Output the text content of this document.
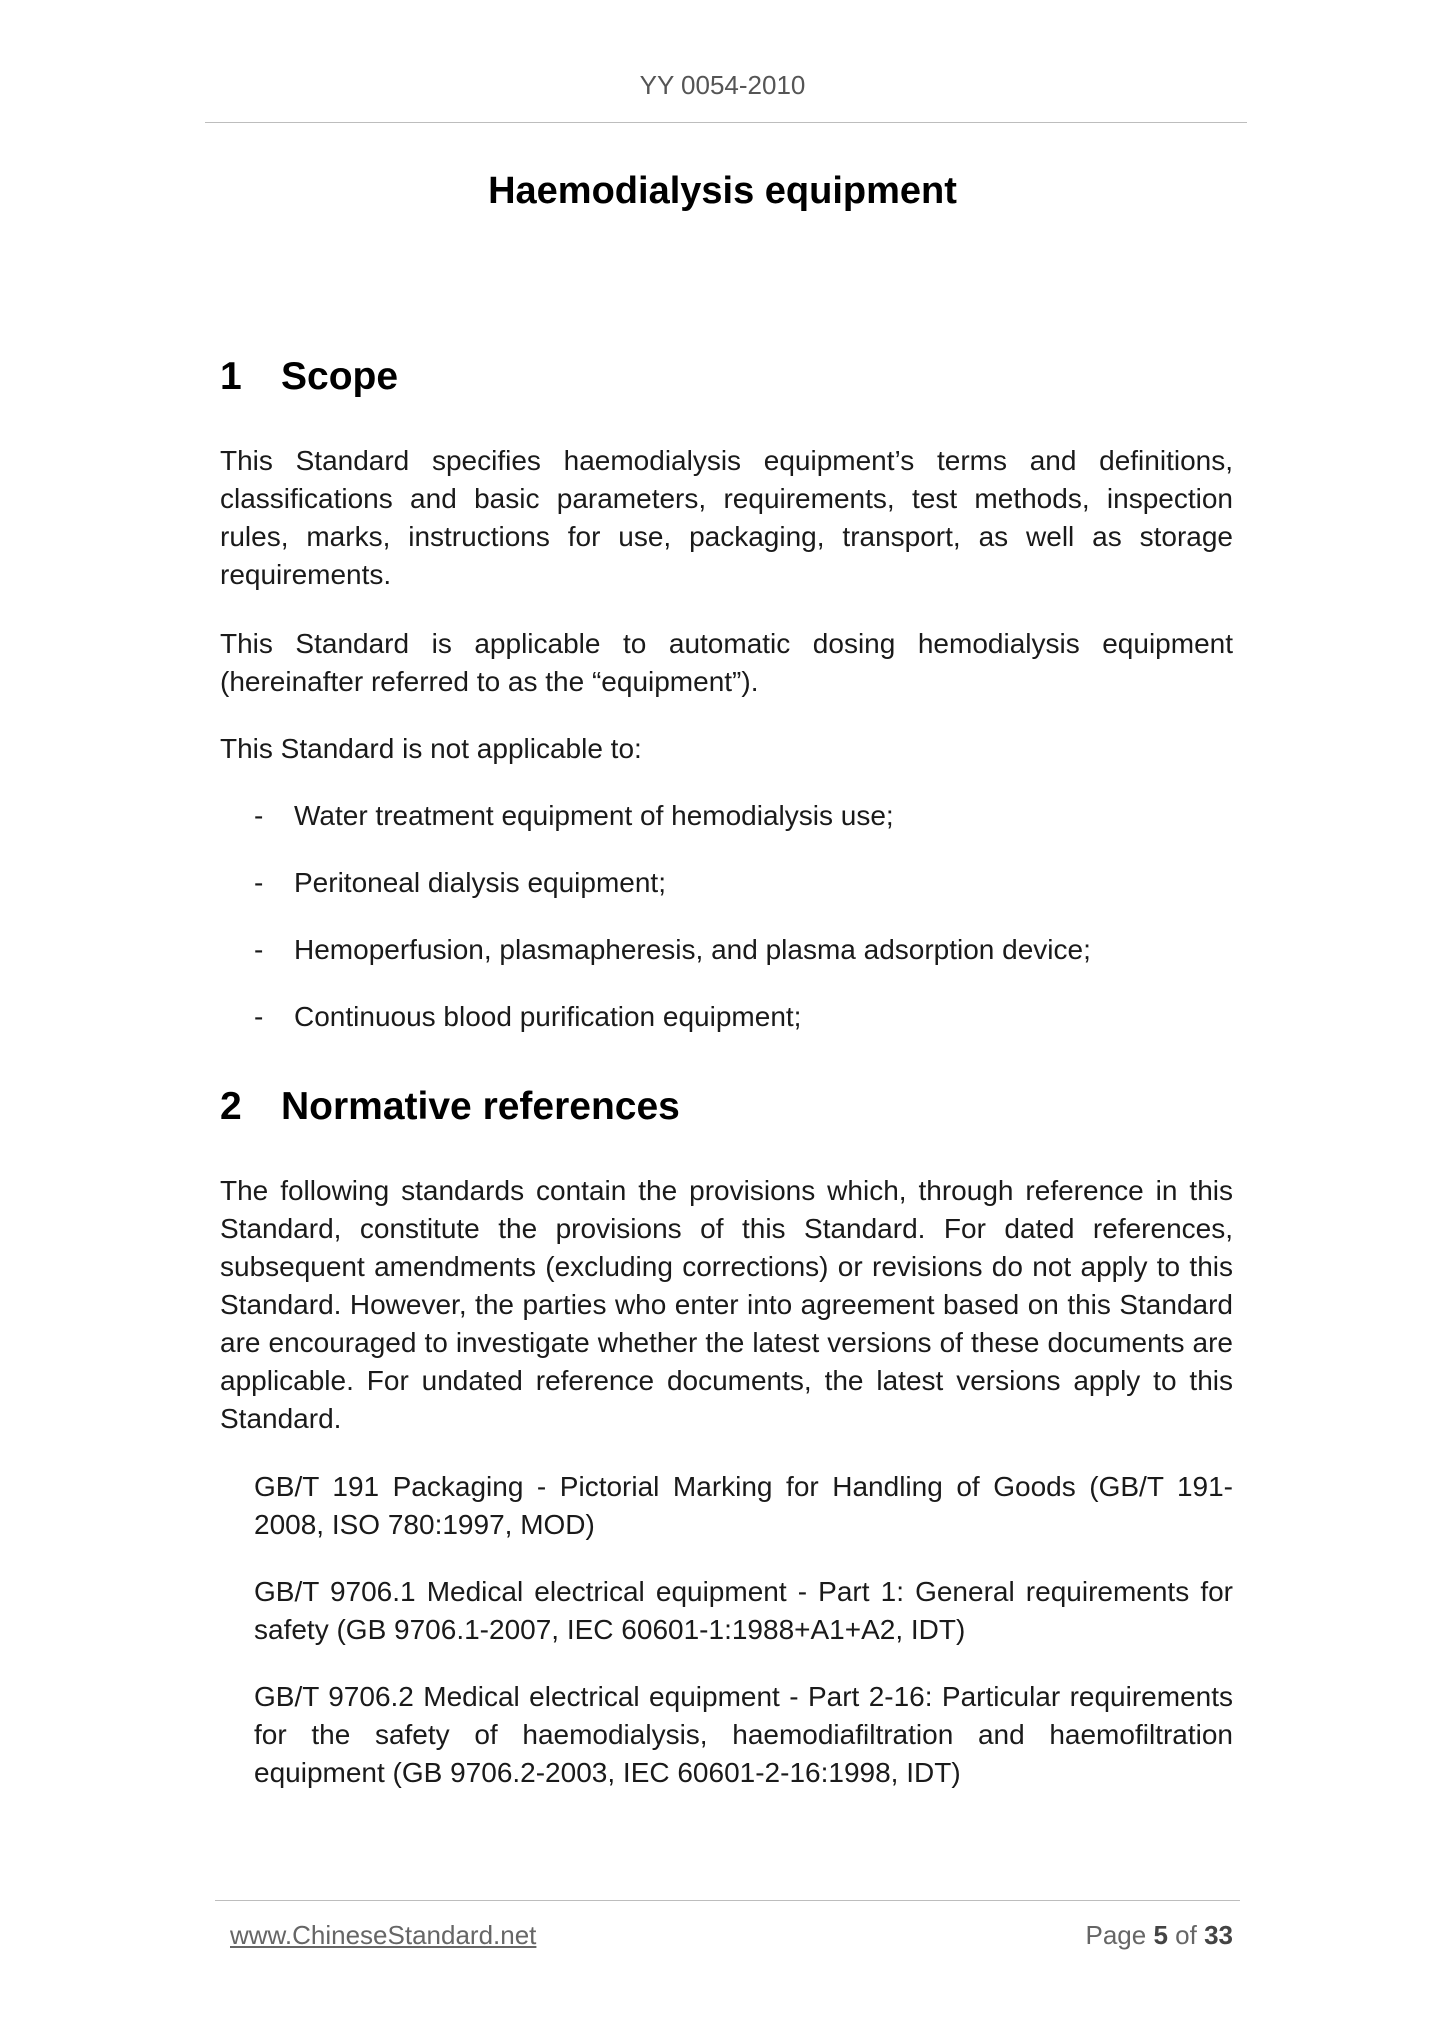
YY 0054-2010
Haemodialysis equipment
1	Scope

This Standard specifies haemodialysis equipment’s terms and definitions, classifications and basic parameters, requirements, test methods, inspection rules, marks, instructions for use, packaging, transport, as well as storage requirements.

This Standard is applicable to automatic dosing hemodialysis equipment (hereinafter referred to as the “equipment”).

This Standard is not applicable to:

-	Water treatment equipment of hemodialysis use;
-	Peritoneal dialysis equipment;
-	Hemoperfusion, plasmapheresis, and plasma adsorption device;
-	Continuous blood purification equipment;
2	Normative references

The following standards contain the provisions which, through reference in this Standard, constitute the provisions of this Standard. For dated references, subsequent amendments (excluding corrections) or revisions do not apply to this Standard. However, the parties who enter into agreement based on this Standard are encouraged to investigate whether the latest versions of these documents are applicable. For undated reference documents, the latest versions apply to this Standard.

GB/T 191 Packaging - Pictorial Marking for Handling of Goods (GB/T 191-2008, ISO 780:1997, MOD)

GB/T 9706.1 Medical electrical equipment - Part 1: General requirements for safety (GB 9706.1-2007, IEC 60601-1:1988+A1+A2, IDT)

GB/T 9706.2 Medical electrical equipment - Part 2-16: Particular requirements for the safety of haemodialysis, haemodiafiltration and haemofiltration equipment (GB 9706.2-2003, IEC 60601-2-16:1998, IDT)

www.ChineseStandard.net	Page 5 of 33
